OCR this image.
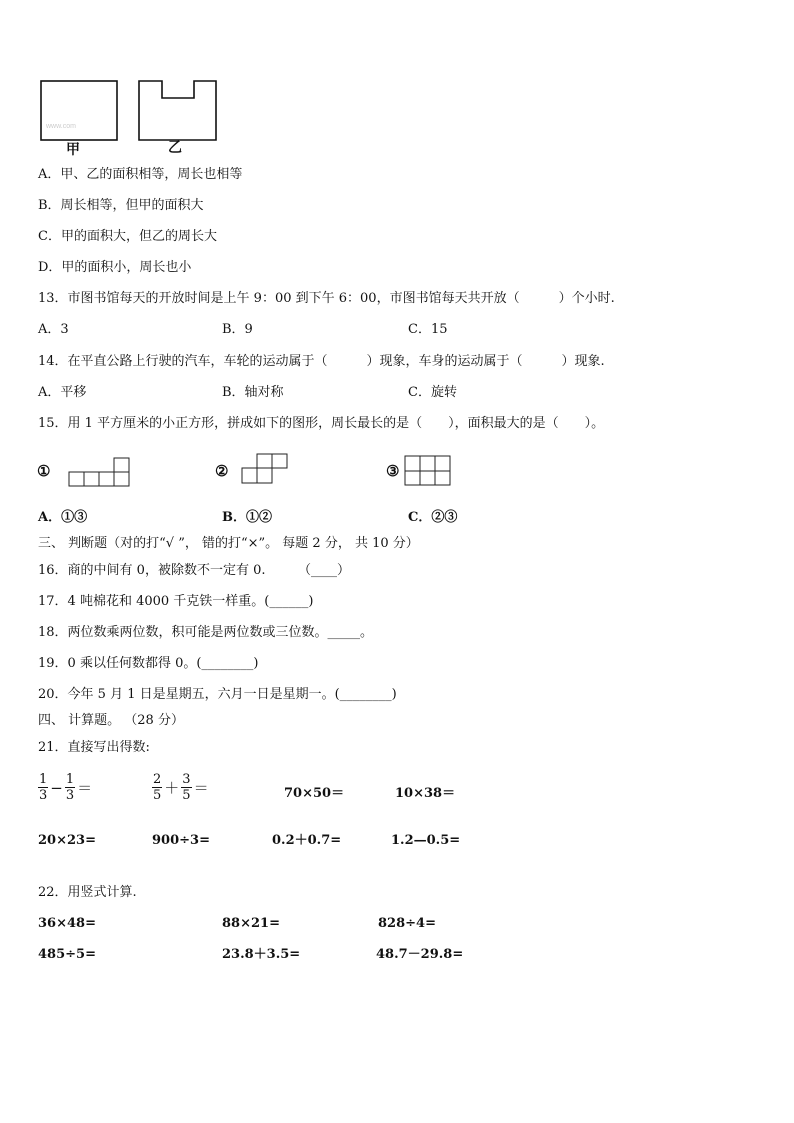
www.com
甲	乙
A．甲、乙的面积相等，周长也相等
B．周长相等，但甲的面积大
C．甲的面积大，但乙的周长大
D．甲的面积小，周长也小
13．市图书馆每天的开放时间是上午 9：00 到下午 6：00，市图书馆每天共开放（　　　）个小时.
A．3	B．9	C．15
14．在平直公路上行驶的汽车，车轮的运动属于（　　　）现象，车身的运动属于（　　　）现象.
A．平移	B．轴对称	C．旋转
15．用 1 平方厘米的小正方形，拼成如下的图形，周长最长的是（　　），面积最大的是（　　）。
①	②	③
A．①③	B．①②	C．②③
三、 判断题（对的打“√ ”， 错的打“×”。 每题 2 分， 共 10 分）
16．商的中间有 0，被除数不一定有 0.　　　（____）
17．4 吨棉花和 4000 千克铁一样重。(______)
18．两位数乘两位数，积可能是两位数或三位数。_____。
19．0 乘以任何数都得 0。(________)
20．今年 5 月 1 日是星期五，六月一日是星期一。(________)
四、 计算题。 （28 分）
21．直接写出得数:
$\frac{1}{3} - \frac{1}{3}$ ＝	$\frac{2}{5} + \frac{3}{5}$ ＝	70×50＝	10×38＝
20×23=	900÷3=	0.2＋0.7=	1.2—0.5=
22．用竖式计算.
36×48=	88×21=	828÷4=
485÷5=	23.8＋3.5=	48.7－29.8=
